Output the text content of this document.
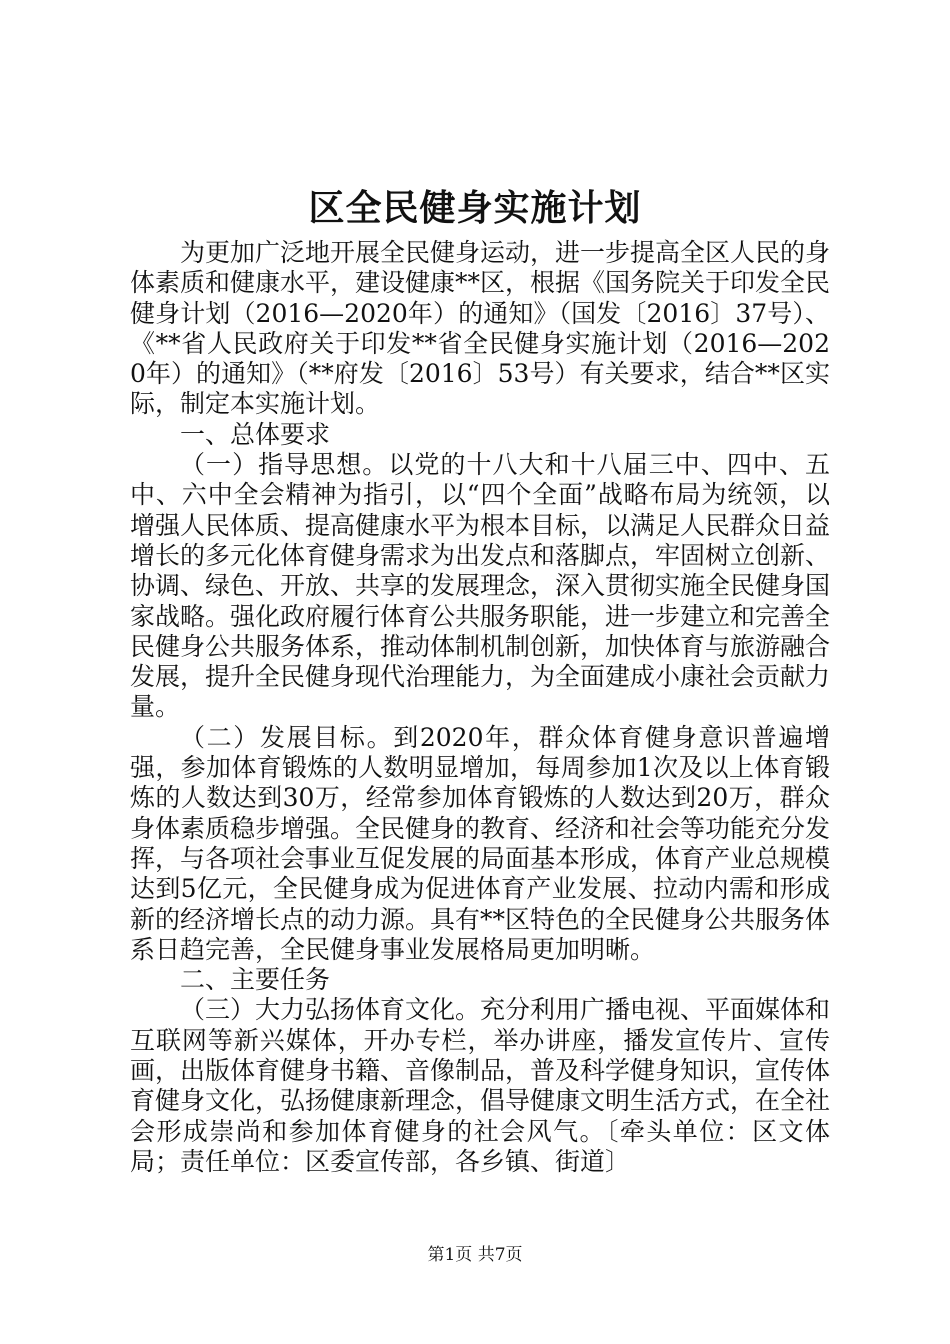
区全民健身实施计划

为更加广泛地开展全民健身运动，进一步提高全区人民的身体素质和健康水平，建设健康**区，根据《国务院关于印发全民健身计划（2016—2020年）的通知》（国发〔2016〕37号）、《**省人民政府关于印发**省全民健身实施计划（2016—2020年）的通知》（**府发〔2016〕53号）有关要求，结合**区实际，制定本实施计划。

一、总体要求

（一）指导思想。以党的十八大和十八届三中、四中、五中、六中全会精神为指引，以“四个全面”战略布局为统领，以增强人民体质、提高健康水平为根本目标，以满足人民群众日益增长的多元化体育健身需求为出发点和落脚点，牢固树立创新、协调、绿色、开放、共享的发展理念，深入贯彻实施全民健身国家战略。强化政府履行体育公共服务职能，进一步建立和完善全民健身公共服务体系，推动体制机制创新，加快体育与旅游融合发展，提升全民健身现代治理能力，为全面建成小康社会贡献力量。

（二）发展目标。到2020年，群众体育健身意识普遍增强，参加体育锻炼的人数明显增加，每周参加1次及以上体育锻炼的人数达到30万，经常参加体育锻炼的人数达到20万，群众身体素质稳步增强。全民健身的教育、经济和社会等功能充分发挥，与各项社会事业互促发展的局面基本形成，体育产业总规模达到5亿元，全民健身成为促进体育产业发展、拉动内需和形成新的经济增长点的动力源。具有**区特色的全民健身公共服务体系日趋完善，全民健身事业发展格局更加明晰。

二、主要任务

（三）大力弘扬体育文化。充分利用广播电视、平面媒体和互联网等新兴媒体，开办专栏，举办讲座，播发宣传片、宣传画，出版体育健身书籍、音像制品，普及科学健身知识，宣传体育健身文化，弘扬健康新理念，倡导健康文明生活方式，在全社会形成崇尚和参加体育健身的社会风气。〔牵头单位：区文体局；责任单位：区委宣传部，各乡镇、街道〕

第1页 共7页
